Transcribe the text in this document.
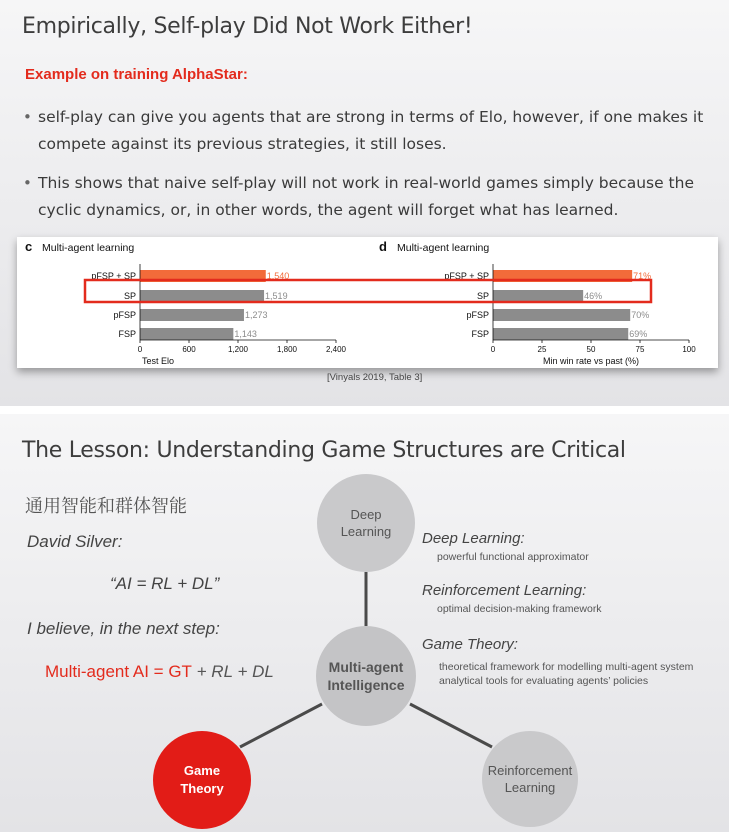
Empirically, Self-play Did Not Work Either!
Example on training AlphaStar:
• self-play can give you agents that are strong in terms of Elo, however, if one makes it compete against its previous strategies, it still loses.
• This shows that naive self-play will not work in real-world games simply because the cyclic dynamics, or, in other words, the agent will forget what has learned.
c Multi-agent learning
pFSP + SP	1,540
SP	1,519
pFSP	1,273
FSP	1,143
0	600	1,200	1,800	2,400
Test Elo
d Multi-agent learning
pFSP + SP	71%
SP	46%
pFSP	70%
FSP	69%
0	25	50	75	100
Min win rate vs past (%)
[Vinyals 2019, Table 3]
The Lesson: Understanding Game Structures are Critical
通用智能和群体智能
David Silver:
“AI = RL + DL”
I believe, in the next step:
Multi-agent AI = GT + RL + DL
Deep
Learning
Multi-agent
Intelligence
Game
Theory
Reinforcement
Learning
Deep Learning:
powerful functional approximator
Reinforcement Learning:
optimal decision-making framework
Game Theory:
theoretical framework for modelling multi-agent system
analytical tools for evaluating agents’ policies
